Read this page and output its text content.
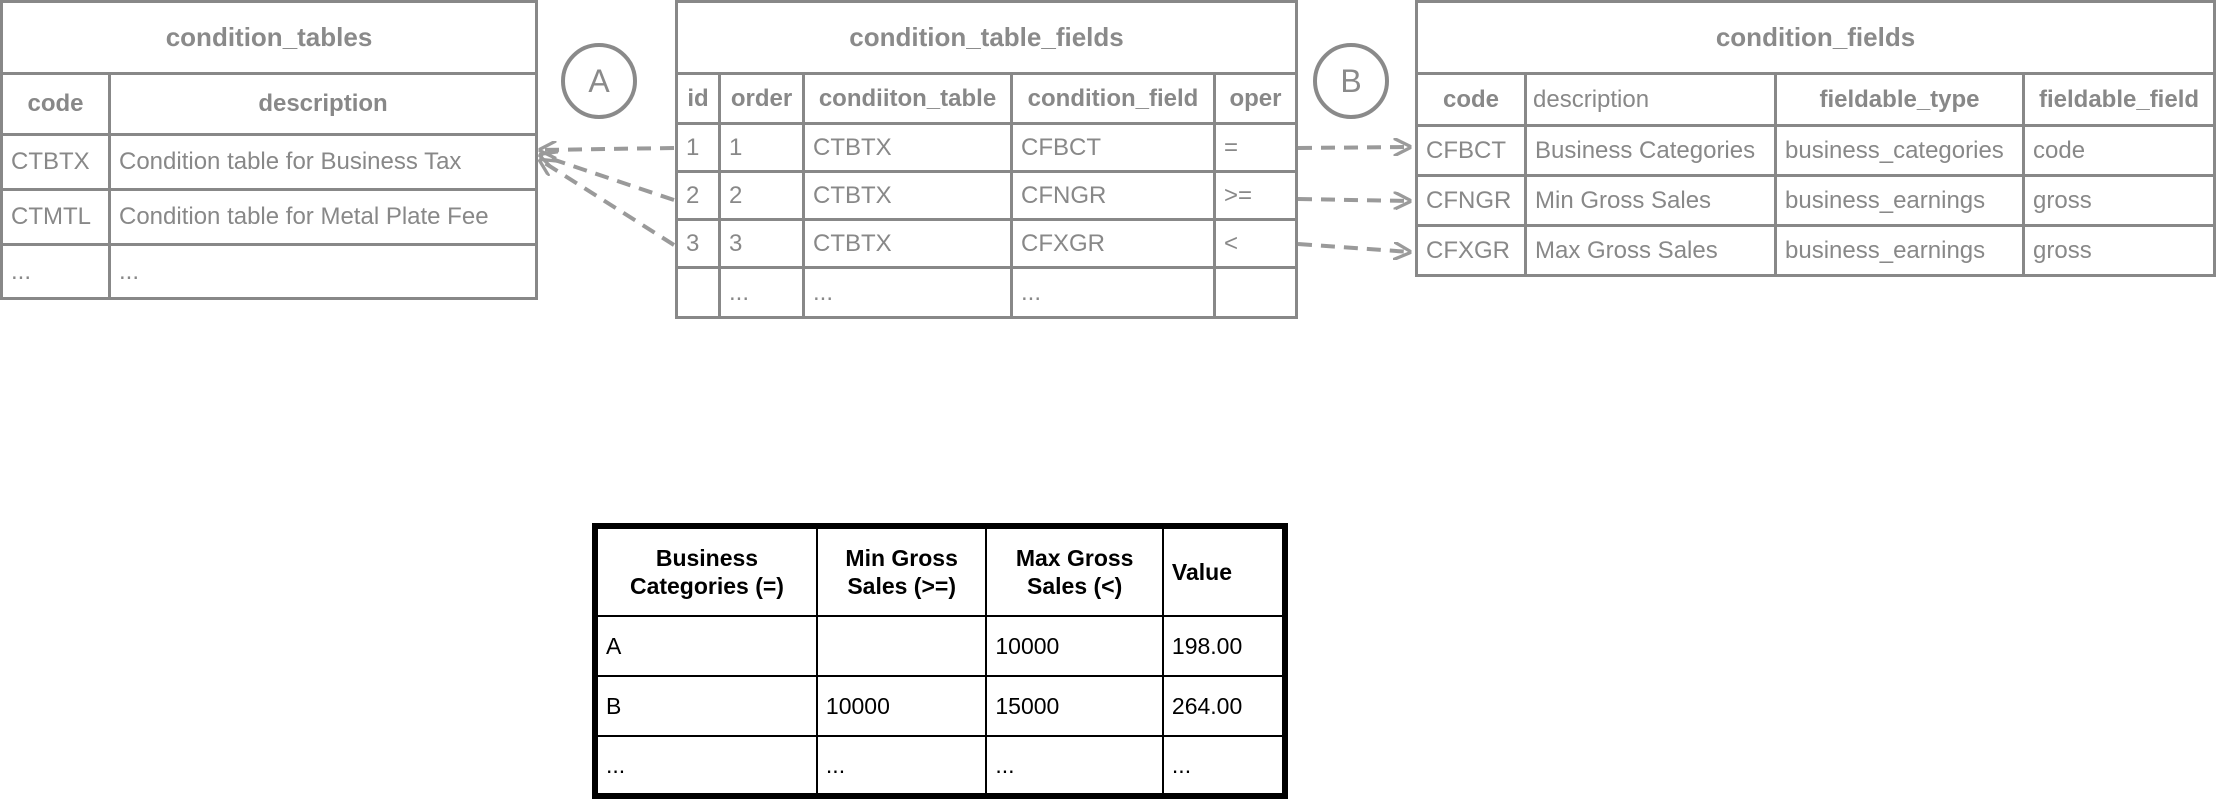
condition_tables	
code	description
CTBTX	Condition table for Business Tax
CTMTL	Condition table for Metal Plate Fee
...	...
A
condition_table_fields				
id	order	condiiton_table	condition_field	oper
1	1	CTBTX	CFBCT	=
2	2	CTBTX	CFNGR	>=
3	3	CTBTX	CFXGR	<
	...	...	...	
B
condition_fields			
code	description	fieldable_type	fieldable_field
CFBCT	Business Categories	business_categories	code
CFNGR	Min Gross Sales	business_earnings	gross
CFXGR	Max Gross Sales	business_earnings	gross
Business Categories (=)	Min Gross Sales (>=)	Max Gross Sales (<)	Value
A		10000	198.00
B	10000	15000	264.00
...	...	...	...
